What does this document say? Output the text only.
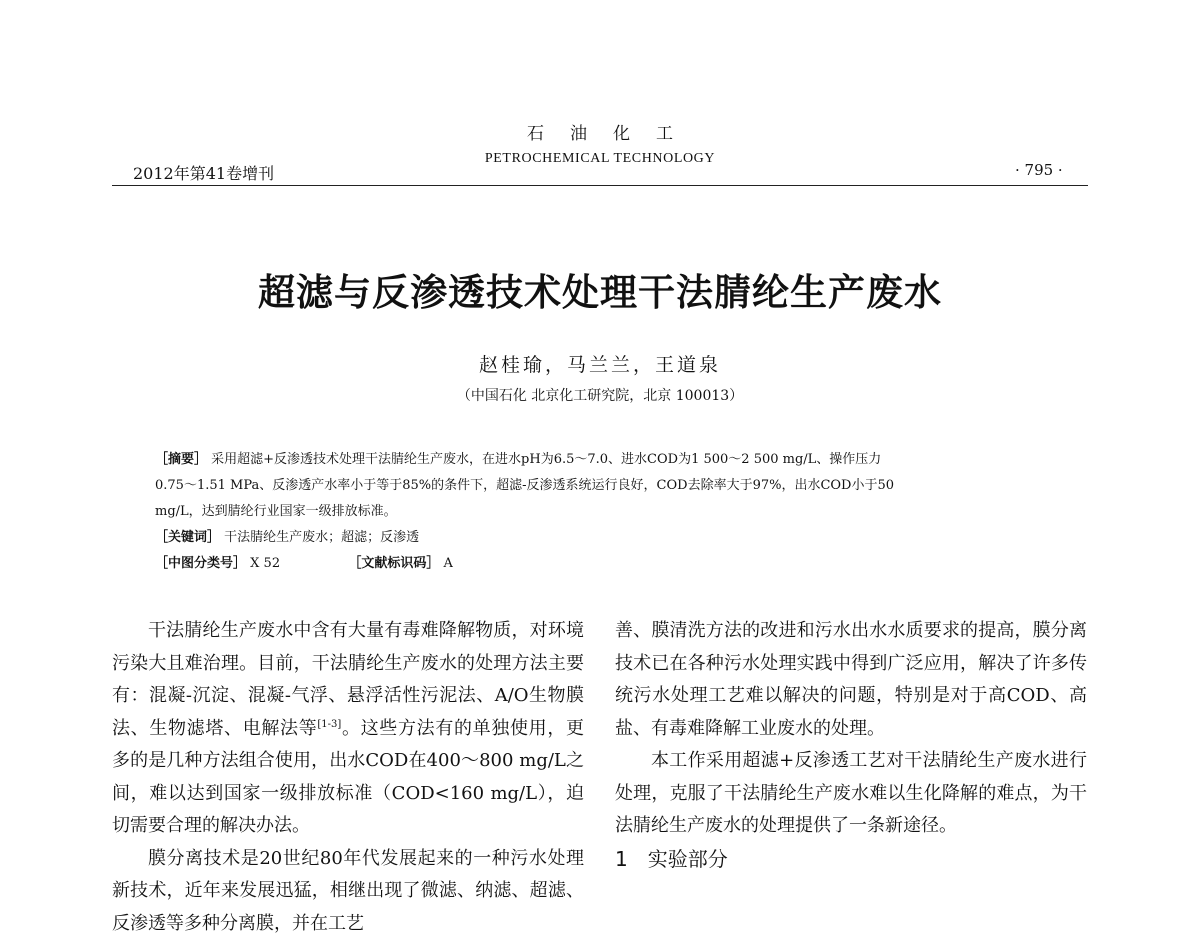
石油化工
PETROCHEMICAL TECHNOLOGY
2012年第41卷增刊	· 795 ·
超滤与反渗透技术处理干法腈纶生产废水
赵桂瑜，马兰兰，王道泉
（中国石化 北京化工研究院，北京 100013）

［摘要］ 采用超滤+反渗透技术处理干法腈纶生产废水，在进水pH为6.5～7.0、进水COD为1 500～2 500 mg/L、操作压力

0.75～1.51 MPa、反渗透产水率小于等于85%的条件下，超滤-反渗透系统运行良好，COD去除率大于97%，出水COD小于50

mg/L，达到腈纶行业国家一级排放标准。

［关键词］ 干法腈纶生产废水；超滤；反渗透

［中图分类号］ X 52	［文献标识码］ A

干法腈纶生产废水中含有大量有毒难降解物质，对环境污染大且难治理。目前，干法腈纶生产废水的处理方法主要有：混凝-沉淀、混凝-气浮、悬浮活性污泥法、A/O生物膜法、生物滤塔、电解法等[1-3]。这些方法有的单独使用，更多的是几种方法组合使用，出水COD在400～800 mg/L之间，难以达到国家一级排放标准（COD<160 mg/L），迫切需要合理的解决办法。

膜分离技术是20世纪80年代发展起来的一种污水处理新技术，近年来发展迅猛，相继出现了微滤、纳滤、超滤、反渗透等多种分离膜，并在工艺

善、膜清洗方法的改进和污水出水水质要求的提高，膜分离技术已在各种污水处理实践中得到广泛应用，解决了许多传统污水处理工艺难以解决的问题，特别是对于高COD、高盐、有毒难降解工业废水的处理。

本工作采用超滤+反渗透工艺对干法腈纶生产废水进行处理，克服了干法腈纶生产废水难以生化降解的难点，为干法腈纶生产废水的处理提供了一条新途径。

1　实验部分
